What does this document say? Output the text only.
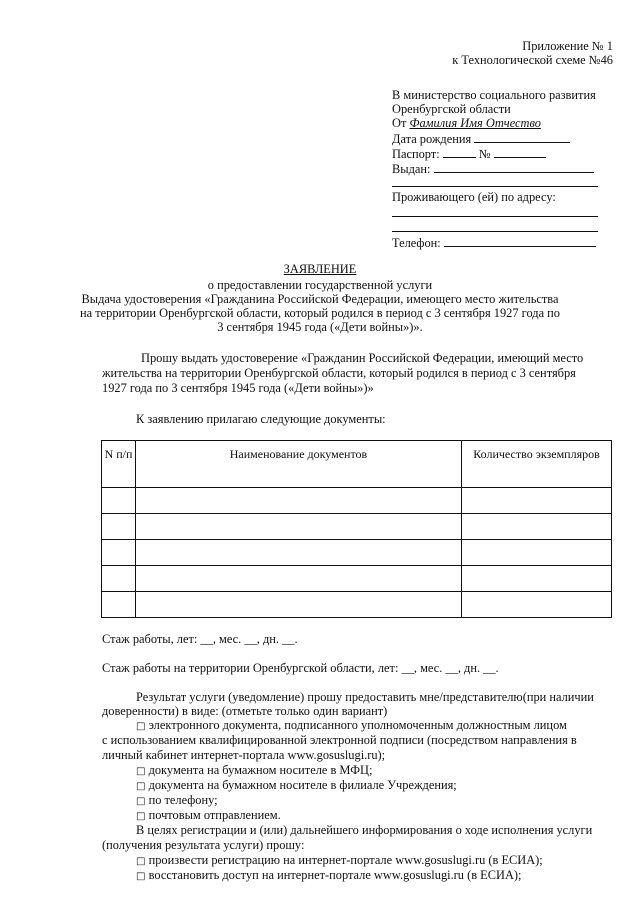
Приложение № 1
к Технологической схеме №46
В министерство социального развития
Оренбургской области
От Фамилия Имя Отчество
Дата рождения
Паспорт:	№
Выдан:
Проживающего (ей) по адресу:
Телефон:
ЗАЯВЛЕНИЕ
о предоставлении государственной услуги
Выдача удостоверения «Гражданина Российской Федерации, имеющего место жительства
на территории Оренбургской области, который родился в период с 3 сентября 1927 года по
3 сентября 1945 года («Дети войны»)».
Прошу выдать удостоверение «Гражданин Российской Федерации, имеющий место
жительства на территории Оренбургской области, который родился в период с 3 сентября
1927 года по 3 сентября 1945 года («Дети войны»)»
К заявлению прилагаю следующие документы:
N п/п	Наименование документов	Количество экземпляров

Стаж работы, лет: __, мес. __, дн. __.
Стаж работы на территории Оренбургской области, лет: __, мес. __, дн. __.
Результат услуги (уведомление) прошу предоставить мне/представителю(при наличии
доверенности) в виде: (отметьте только один вариант)
□ электронного документа, подписанного уполномоченным должностным лицом
с использованием квалифицированной электронной подписи (посредством направления в
личный кабинет интернет-портала www.gosuslugi.ru);
□ документа на бумажном носителе в МФЦ;
□ документа на бумажном носителе в филиале Учреждения;
□ по телефону;
□ почтовым отправлением.
В целях регистрации и (или) дальнейшего информирования о ходе исполнения услуги
(получения результата услуги) прошу:
□ произвести регистрацию на интернет-портале www.gosuslugi.ru (в ЕСИА);
□ восстановить доступ на интернет-портале www.gosuslugi.ru (в ЕСИА);
